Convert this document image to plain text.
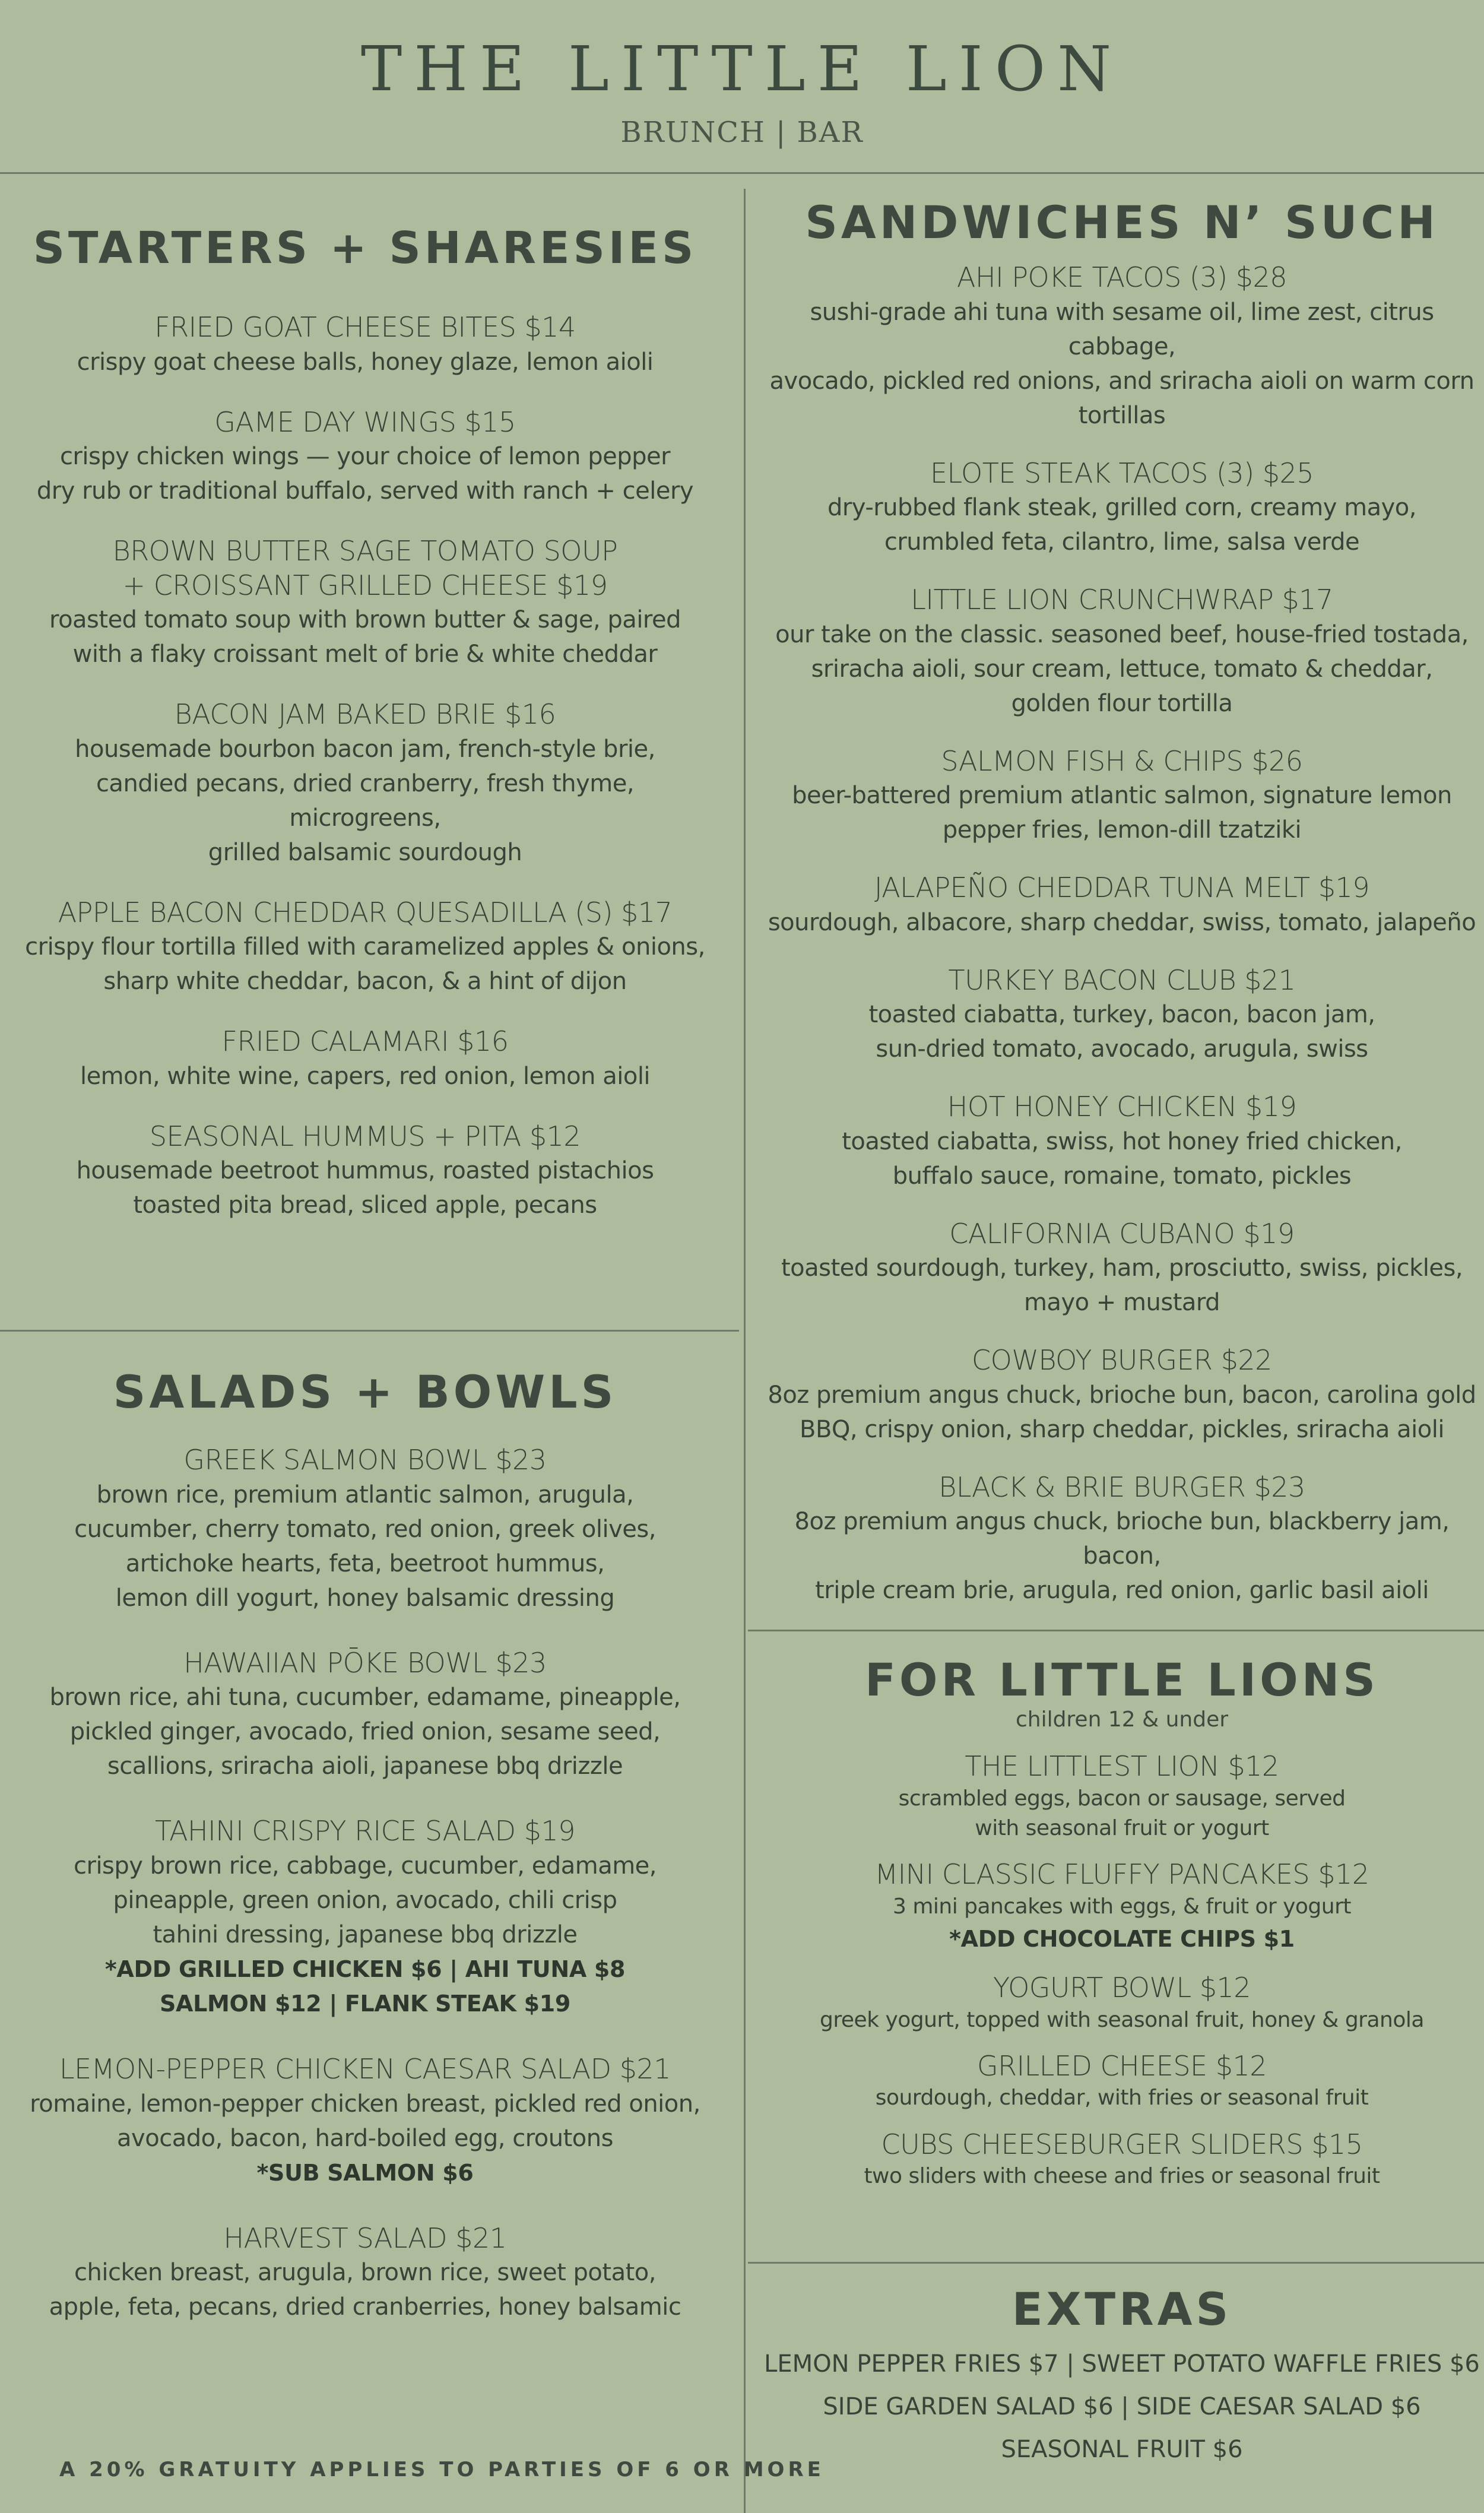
THE LITTLE LION
BRUNCH | BAR
STARTERS + SHARESIES
FRIED GOAT CHEESE BITES $14
crispy goat cheese balls, honey glaze, lemon aioli
GAME DAY WINGS $15
crispy chicken wings — your choice of lemon pepper
dry rub or traditional buffalo, served with ranch + celery
BROWN BUTTER SAGE TOMATO SOUP
+ CROISSANT GRILLED CHEESE $19
roasted tomato soup with brown butter & sage, paired
with a flaky croissant melt of brie & white cheddar
BACON JAM BAKED BRIE $16
housemade bourbon bacon jam, french-style brie,
candied pecans, dried cranberry, fresh thyme, microgreens,
grilled balsamic sourdough
APPLE BACON CHEDDAR QUESADILLA (S) $17
crispy flour tortilla filled with caramelized apples & onions,
sharp white cheddar, bacon, & a hint of dijon
FRIED CALAMARI $16
lemon, white wine, capers, red onion, lemon aioli
SEASONAL HUMMUS + PITA $12
housemade beetroot hummus, roasted pistachios
toasted pita bread, sliced apple, pecans
SALADS + BOWLS
GREEK SALMON BOWL $23
brown rice, premium atlantic salmon, arugula,
cucumber, cherry tomato, red onion, greek olives,
artichoke hearts, feta, beetroot hummus,
lemon dill yogurt, honey balsamic dressing
HAWAIIAN PŌKE BOWL $23
brown rice, ahi tuna, cucumber, edamame, pineapple,
pickled ginger, avocado, fried onion, sesame seed,
scallions, sriracha aioli, japanese bbq drizzle
TAHINI CRISPY RICE SALAD $19
crispy brown rice, cabbage, cucumber, edamame,
pineapple, green onion, avocado, chili crisp
tahini dressing, japanese bbq drizzle
*ADD GRILLED CHICKEN $6 | AHI TUNA $8
SALMON $12 | FLANK STEAK $19
LEMON-PEPPER CHICKEN CAESAR SALAD $21
romaine, lemon-pepper chicken breast, pickled red onion,
avocado, bacon, hard-boiled egg, croutons
*SUB SALMON $6
HARVEST SALAD $21
chicken breast, arugula, brown rice, sweet potato,
apple, feta, pecans, dried cranberries, honey balsamic
A 20% GRATUITY APPLIES TO PARTIES OF 6 OR MORE
SANDWICHES N’ SUCH
AHI POKE TACOS (3) $28
sushi-grade ahi tuna with sesame oil, lime zest, citrus cabbage,
avocado, pickled red onions, and sriracha aioli on warm corn
tortillas
ELOTE STEAK TACOS (3) $25
dry-rubbed flank steak, grilled corn, creamy mayo,
crumbled feta, cilantro, lime, salsa verde
LITTLE LION CRUNCHWRAP $17
our take on the classic. seasoned beef, house-fried tostada,
sriracha aioli, sour cream, lettuce, tomato & cheddar,
golden flour tortilla
SALMON FISH & CHIPS $26
beer-battered premium atlantic salmon, signature lemon
pepper fries, lemon-dill tzatziki
JALAPEÑO CHEDDAR TUNA MELT $19
sourdough, albacore, sharp cheddar, swiss, tomato, jalapeño
TURKEY BACON CLUB $21
toasted ciabatta, turkey, bacon, bacon jam,
sun-dried tomato, avocado, arugula, swiss
HOT HONEY CHICKEN $19
toasted ciabatta, swiss, hot honey fried chicken,
buffalo sauce, romaine, tomato, pickles
CALIFORNIA CUBANO $19
toasted sourdough, turkey, ham, prosciutto, swiss, pickles,
mayo + mustard
COWBOY BURGER $22
8oz premium angus chuck, brioche bun, bacon, carolina gold
BBQ, crispy onion, sharp cheddar, pickles, sriracha aioli
BLACK & BRIE BURGER $23
8oz premium angus chuck, brioche bun, blackberry jam, bacon,
triple cream brie, arugula, red onion, garlic basil aioli
FOR LITTLE LIONS
children 12 & under
THE LITTLEST LION $12
scrambled eggs, bacon or sausage, served
with seasonal fruit or yogurt
MINI CLASSIC FLUFFY PANCAKES $12
3 mini pancakes with eggs, & fruit or yogurt
*ADD CHOCOLATE CHIPS $1
YOGURT BOWL $12
greek yogurt, topped with seasonal fruit, honey & granola
GRILLED CHEESE $12
sourdough, cheddar, with fries or seasonal fruit
CUBS CHEESEBURGER SLIDERS $15
two sliders with cheese and fries or seasonal fruit
EXTRAS
LEMON PEPPER FRIES $7 | SWEET POTATO WAFFLE FRIES $6
SIDE GARDEN SALAD $6 | SIDE CAESAR SALAD $6
SEASONAL FRUIT $6
